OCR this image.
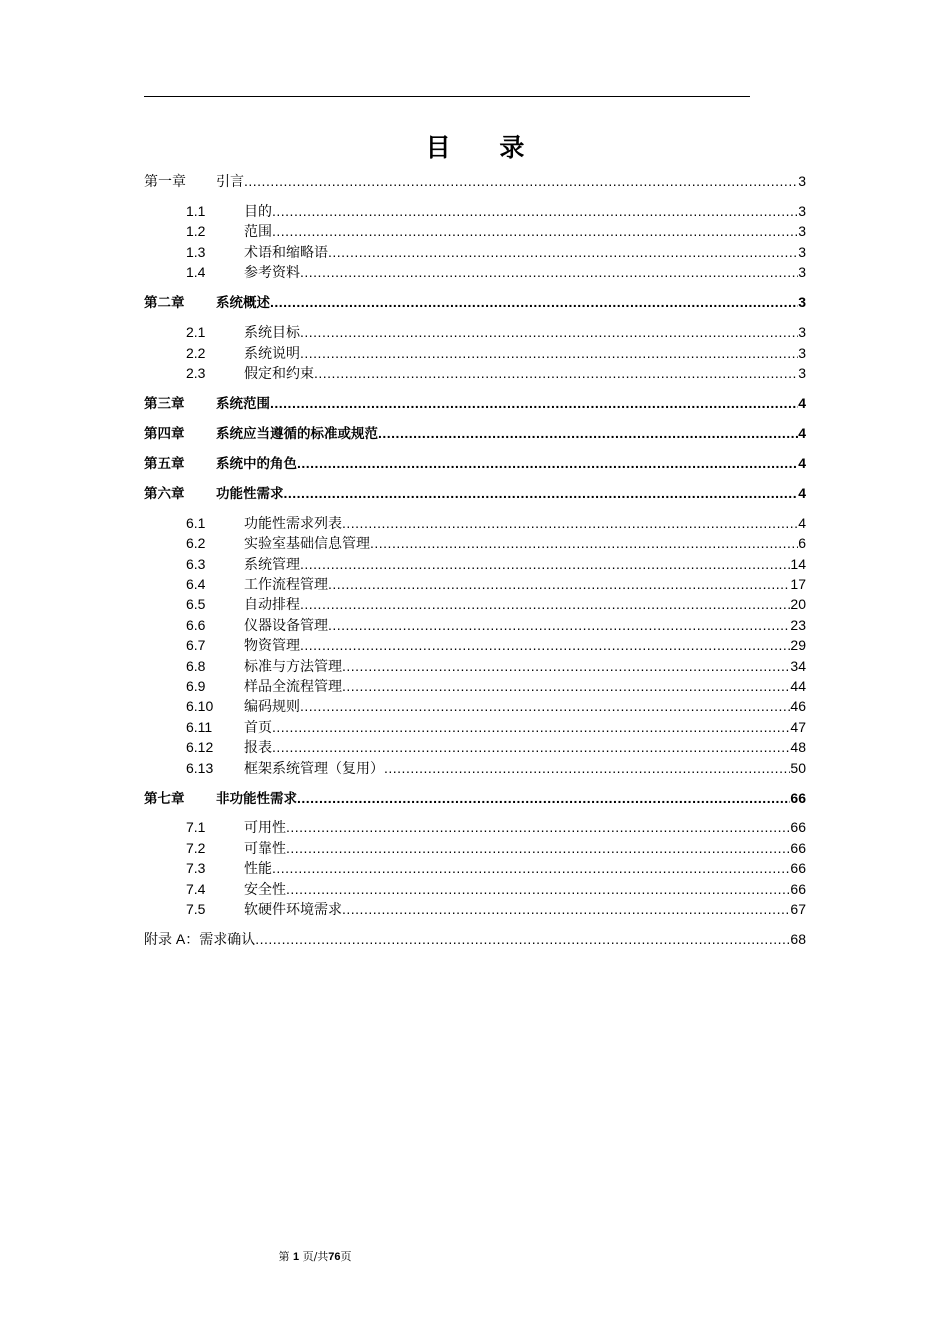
目 录
第一章	引言 .....	3
1.1	目的 .....	3
1.2	范围 .....	3
1.3	术语和缩略语 .....	3
1.4	参考资料 .....	3
第二章	系统概述 .....	3
2.1	系统目标 .....	3
2.2	系统说明 .....	3
2.3	假定和约束 .....	3
第三章	系统范围 .....	4
第四章	系统应当遵循的标准或规范 .....	4
第五章	系统中的角色 .....	4
第六章	功能性需求 .....	4
6.1	功能性需求列表 .....	4
6.2	实验室基础信息管理 .....	6
6.3	系统管理 .....	14
6.4	工作流程管理 .....	17
6.5	自动排程 .....	20
6.6	仪器设备管理 .....	23
6.7	物资管理 .....	29
6.8	标准与方法管理 .....	34
6.9	样品全流程管理 .....	44
6.10	编码规则 .....	46
6.11	首页 .....	47
6.12	报表 .....	48
6.13	框架系统管理（复用） .....	50
第七章	非功能性需求 .....	66
7.1	可用性 .....	66
7.2	可靠性 .....	66
7.3	性能 .....	66
7.4	安全性 .....	66
7.5	软硬件环境需求 .....	67
附录 A： 需求确认 .....	68
第 1 页/共76页
